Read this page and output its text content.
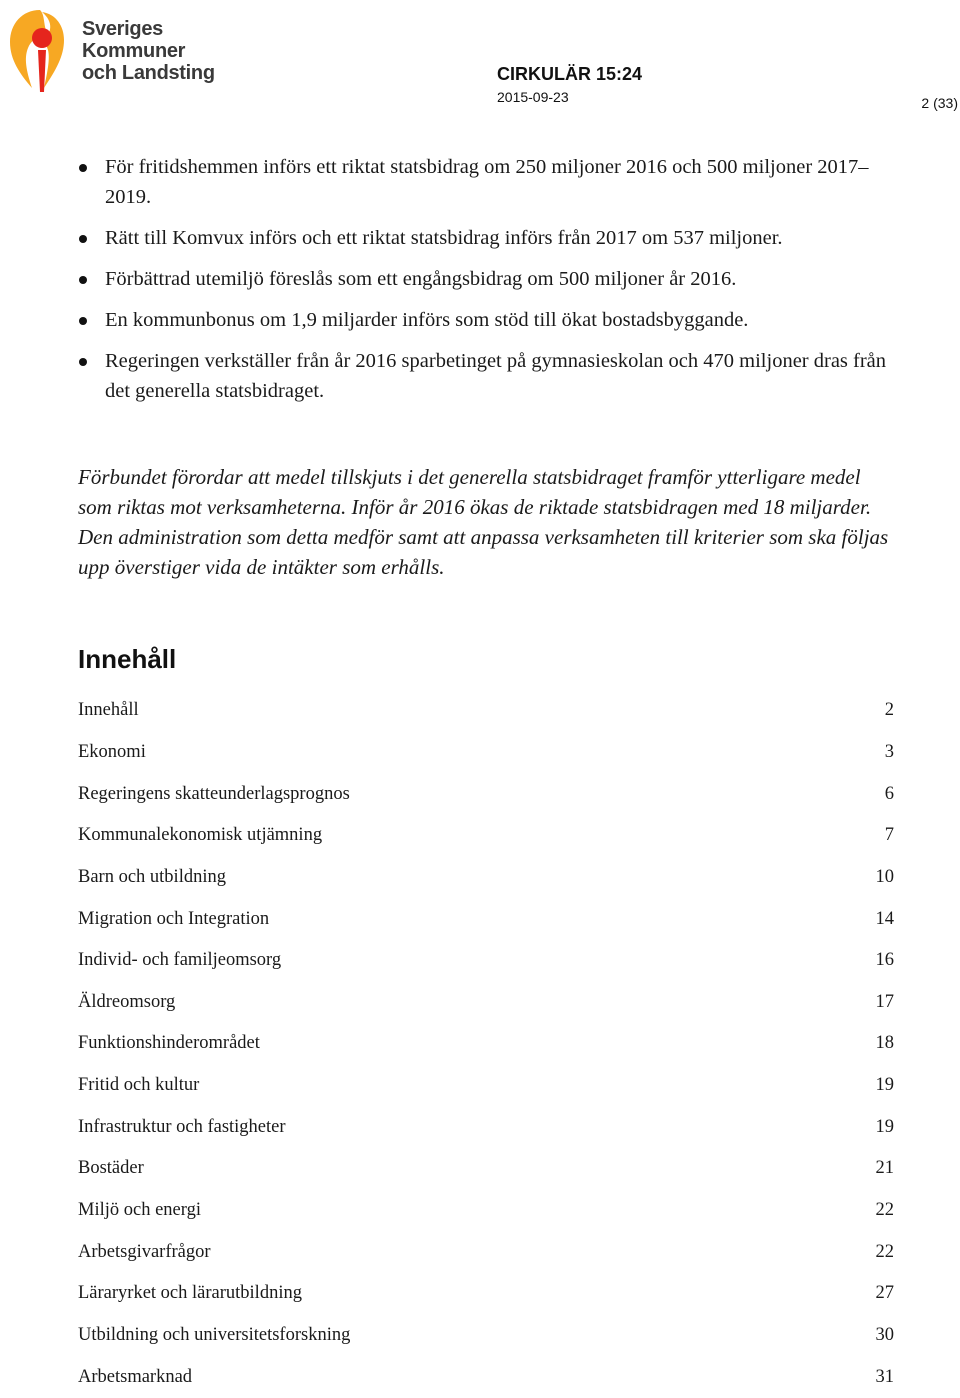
Sveriges
Kommuner
och Landsting	CIRKULÄR 15:24
2015-09-23	2 (33)
För fritidshemmen införs ett riktat statsbidrag om 250 miljoner 2016 och 500 miljoner 2017–2019.
Rätt till Komvux införs och ett riktat statsbidrag införs från 2017 om 537 miljoner.
Förbättrad utemiljö föreslås som ett engångsbidrag om 500 miljoner år 2016.
En kommunbonus om 1,9 miljarder införs som stöd till ökat bostadsbyggande.
Regeringen verkställer från år 2016 sparbetinget på gymnasieskolan och 470 miljoner dras från det generella statsbidraget.
Förbundet förordar att medel tillskjuts i det generella statsbidraget framför ytterligare medel som riktas mot verksamheterna. Inför år 2016 ökas de riktade statsbidragen med 18 miljarder. Den administration som detta medför samt att anpassa verksamheten till kriterier som ska följas upp överstiger vida de intäkter som erhålls.
Innehåll
Innehåll	2
Ekonomi	3
Regeringens skatteunderlagsprognos	6
Kommunalekonomisk utjämning	7
Barn och utbildning	10
Migration och Integration	14
Individ- och familjeomsorg	16
Äldreomsorg	17
Funktionshinderområdet	18
Fritid och kultur	19
Infrastruktur och fastigheter	19
Bostäder	21
Miljö och energi	22
Arbetsgivarfrågor	22
Läraryrket och lärarutbildning	27
Utbildning och universitetsforskning	30
Arbetsmarknad	31
